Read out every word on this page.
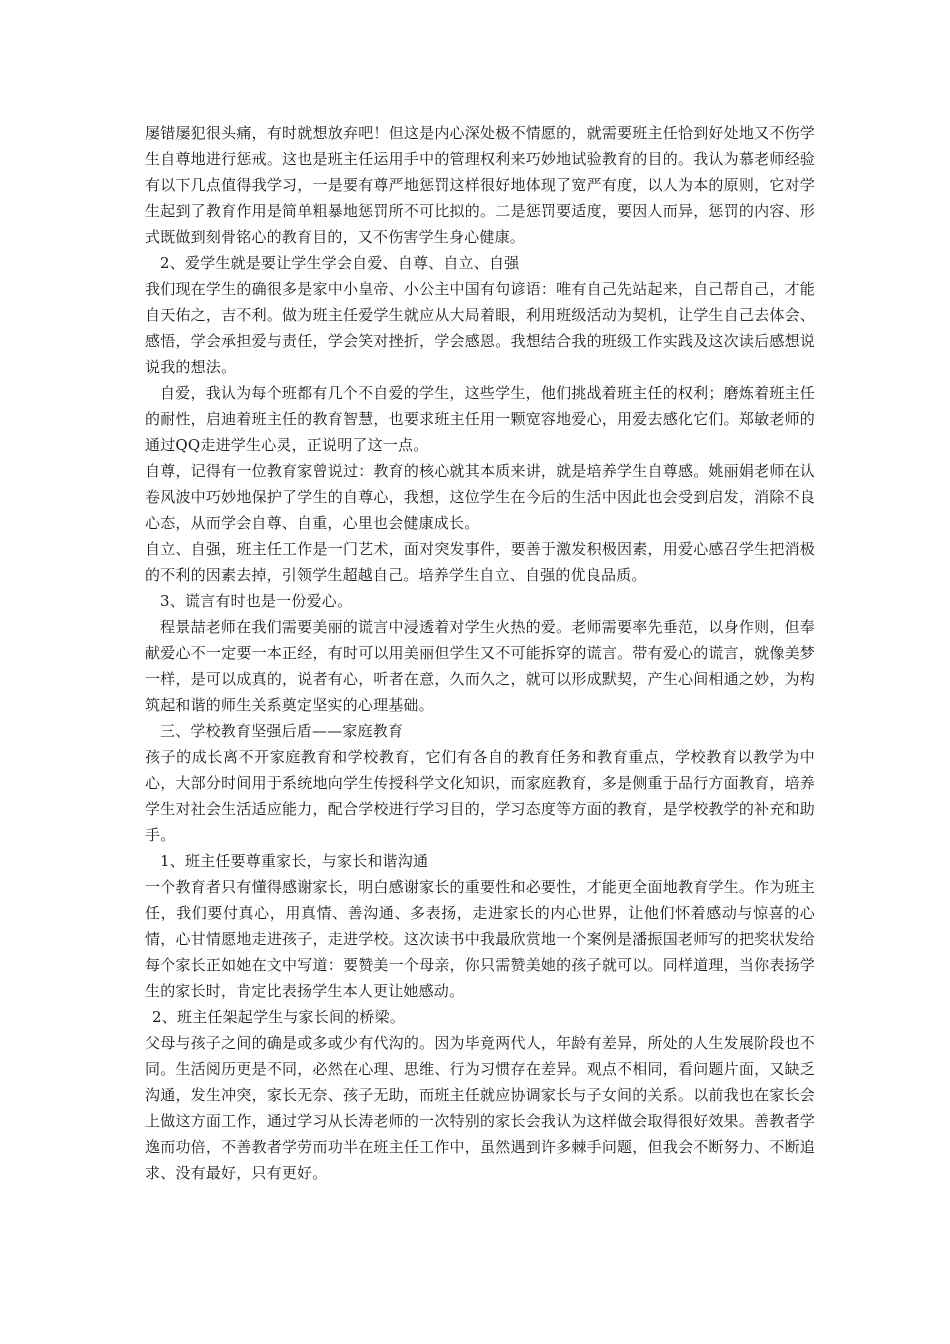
屡错屡犯很头痛，有时就想放弃吧！但这是内心深处极不情愿的，就需要班主任恰到好处地又不伤学生自尊地进行惩戒。这也是班主任运用手中的管理权利来巧妙地试验教育的目的。我认为慕老师经验有以下几点值得我学习，一是要有尊严地惩罚这样很好地体现了宽严有度，以人为本的原则，它对学生起到了教育作用是简单粗暴地惩罚所不可比拟的。二是惩罚要适度，要因人而异，惩罚的内容、形式既做到刻骨铭心的教育目的，又不伤害学生身心健康。

2、爱学生就是要让学生学会自爱、自尊、自立、自强

我们现在学生的确很多是家中小皇帝、小公主中国有句谚语：唯有自己先站起来，自己帮自己，才能自天佑之，吉不利。做为班主任爱学生就应从大局着眼，利用班级活动为契机，让学生自己去体会、感悟，学会承担爱与责任，学会笑对挫折，学会感恩。我想结合我的班级工作实践及这次读后感想说说我的想法。

自爱，我认为每个班都有几个不自爱的学生，这些学生，他们挑战着班主任的权利；磨炼着班主任的耐性，启迪着班主任的教育智慧，也要求班主任用一颗宽容地爱心，用爱去感化它们。郑敏老师的通过QQ走进学生心灵，正说明了这一点。

自尊，记得有一位教育家曾说过：教育的核心就其本质来讲，就是培养学生自尊感。姚丽娟老师在认卷风波中巧妙地保护了学生的自尊心，我想，这位学生在今后的生活中因此也会受到启发，消除不良心态，从而学会自尊、自重，心里也会健康成长。

自立、自强，班主任工作是一门艺术，面对突发事件，要善于激发积极因素，用爱心感召学生把消极的不利的因素去掉，引领学生超越自己。培养学生自立、自强的优良品质。

3、谎言有时也是一份爱心。

程景喆老师在我们需要美丽的谎言中浸透着对学生火热的爱。老师需要率先垂范，以身作则，但奉献爱心不一定要一本正经，有时可以用美丽但学生又不可能拆穿的谎言。带有爱心的谎言，就像美梦一样，是可以成真的，说者有心，听者在意，久而久之，就可以形成默契，产生心间相通之妙，为构筑起和谐的师生关系奠定坚实的心理基础。

三、学校教育坚强后盾——家庭教育

孩子的成长离不开家庭教育和学校教育，它们有各自的教育任务和教育重点，学校教育以教学为中心，大部分时间用于系统地向学生传授科学文化知识，而家庭教育，多是侧重于品行方面教育，培养学生对社会生活适应能力，配合学校进行学习目的，学习态度等方面的教育，是学校教学的补充和助手。

1、班主任要尊重家长，与家长和谐沟通

一个教育者只有懂得感谢家长，明白感谢家长的重要性和必要性，才能更全面地教育学生。作为班主任，我们要付真心，用真情、善沟通、多表扬，走进家长的内心世界，让他们怀着感动与惊喜的心情，心甘情愿地走进孩子，走进学校。这次读书中我最欣赏地一个案例是潘振国老师写的把奖状发给每个家长正如她在文中写道：要赞美一个母亲，你只需赞美她的孩子就可以。同样道理，当你表扬学生的家长时，肯定比表扬学生本人更让她感动。

2、班主任架起学生与家长间的桥梁。

父母与孩子之间的确是或多或少有代沟的。因为毕竟两代人，年龄有差异，所处的人生发展阶段也不同。生活阅历更是不同，必然在心理、思维、行为习惯存在差异。观点不相同，看问题片面，又缺乏沟通，发生冲突，家长无奈、孩子无助，而班主任就应协调家长与子女间的关系。以前我也在家长会上做这方面工作，通过学习从长涛老师的一次特别的家长会我认为这样做会取得很好效果。善教者学逸而功倍，不善教者学劳而功半在班主任工作中，虽然遇到许多棘手问题，但我会不断努力、不断追求、没有最好，只有更好。
